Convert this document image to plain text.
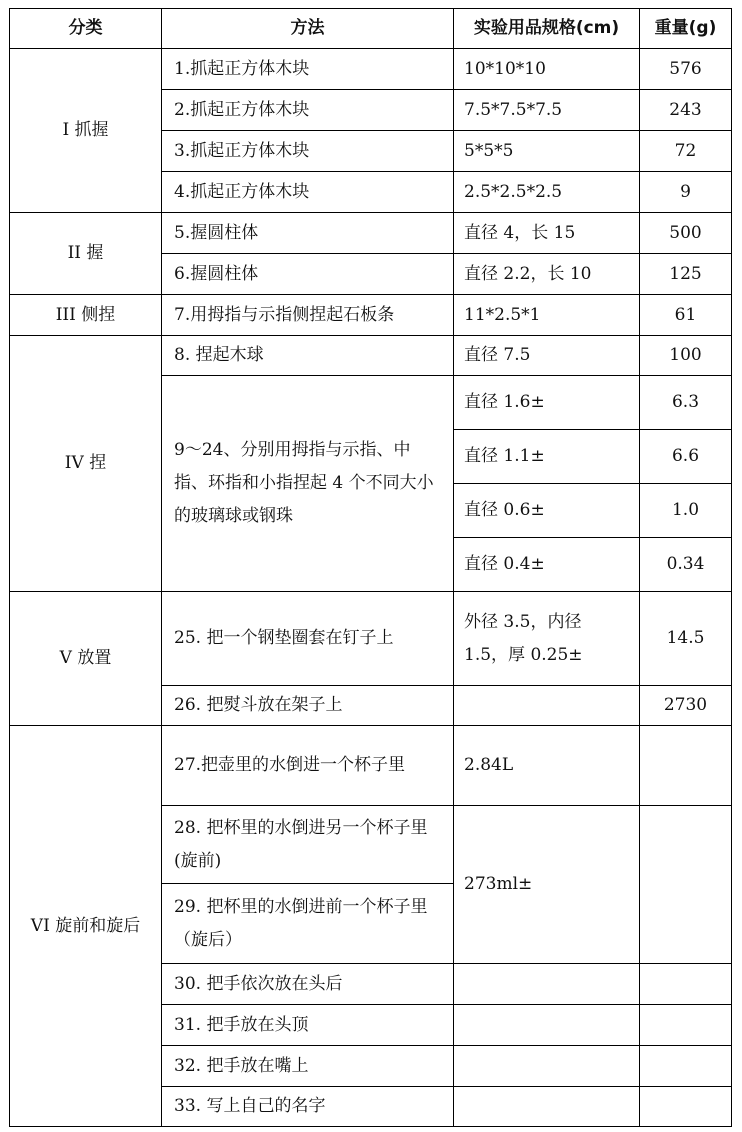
分类	方法	实验用品规格(cm)	重量(g)
I 抓握	1.抓起正方体木块	10*10*10	576
	2.抓起正方体木块	7.5*7.5*7.5	243
	3.抓起正方体木块	5*5*5	72
	4.抓起正方体木块	2.5*2.5*2.5	9
II 握	5.握圆柱体	直径 4，长 15	500
	6.握圆柱体	直径 2.2，长 10	125
III 侧捏	7.用拇指与示指侧捏起石板条	11*2.5*1	61
IV 捏	8. 捏起木球	直径 7.5	100
	9～24、分别用拇指与示指、中指、环指和小指捏起 4 个不同大小的玻璃球或钢珠	直径 1.6±	6.3
		直径 1.1±	6.6
		直径 0.6±	1.0
		直径 0.4±	0.34
V 放置	25. 把一个钢垫圈套在钉子上	外径 3.5，内径 1.5，厚 0.25±	14.5
	26. 把熨斗放在架子上		2730
VI 旋前和旋后	27.把壶里的水倒进一个杯子里	2.84L	
	28. 把杯里的水倒进另一个杯子里(旋前)	273ml±	
	29. 把杯里的水倒进前一个杯子里（旋后）		
	30. 把手依次放在头后		
	31. 把手放在头顶		
	32. 把手放在嘴上		
	33. 写上自己的名字		
